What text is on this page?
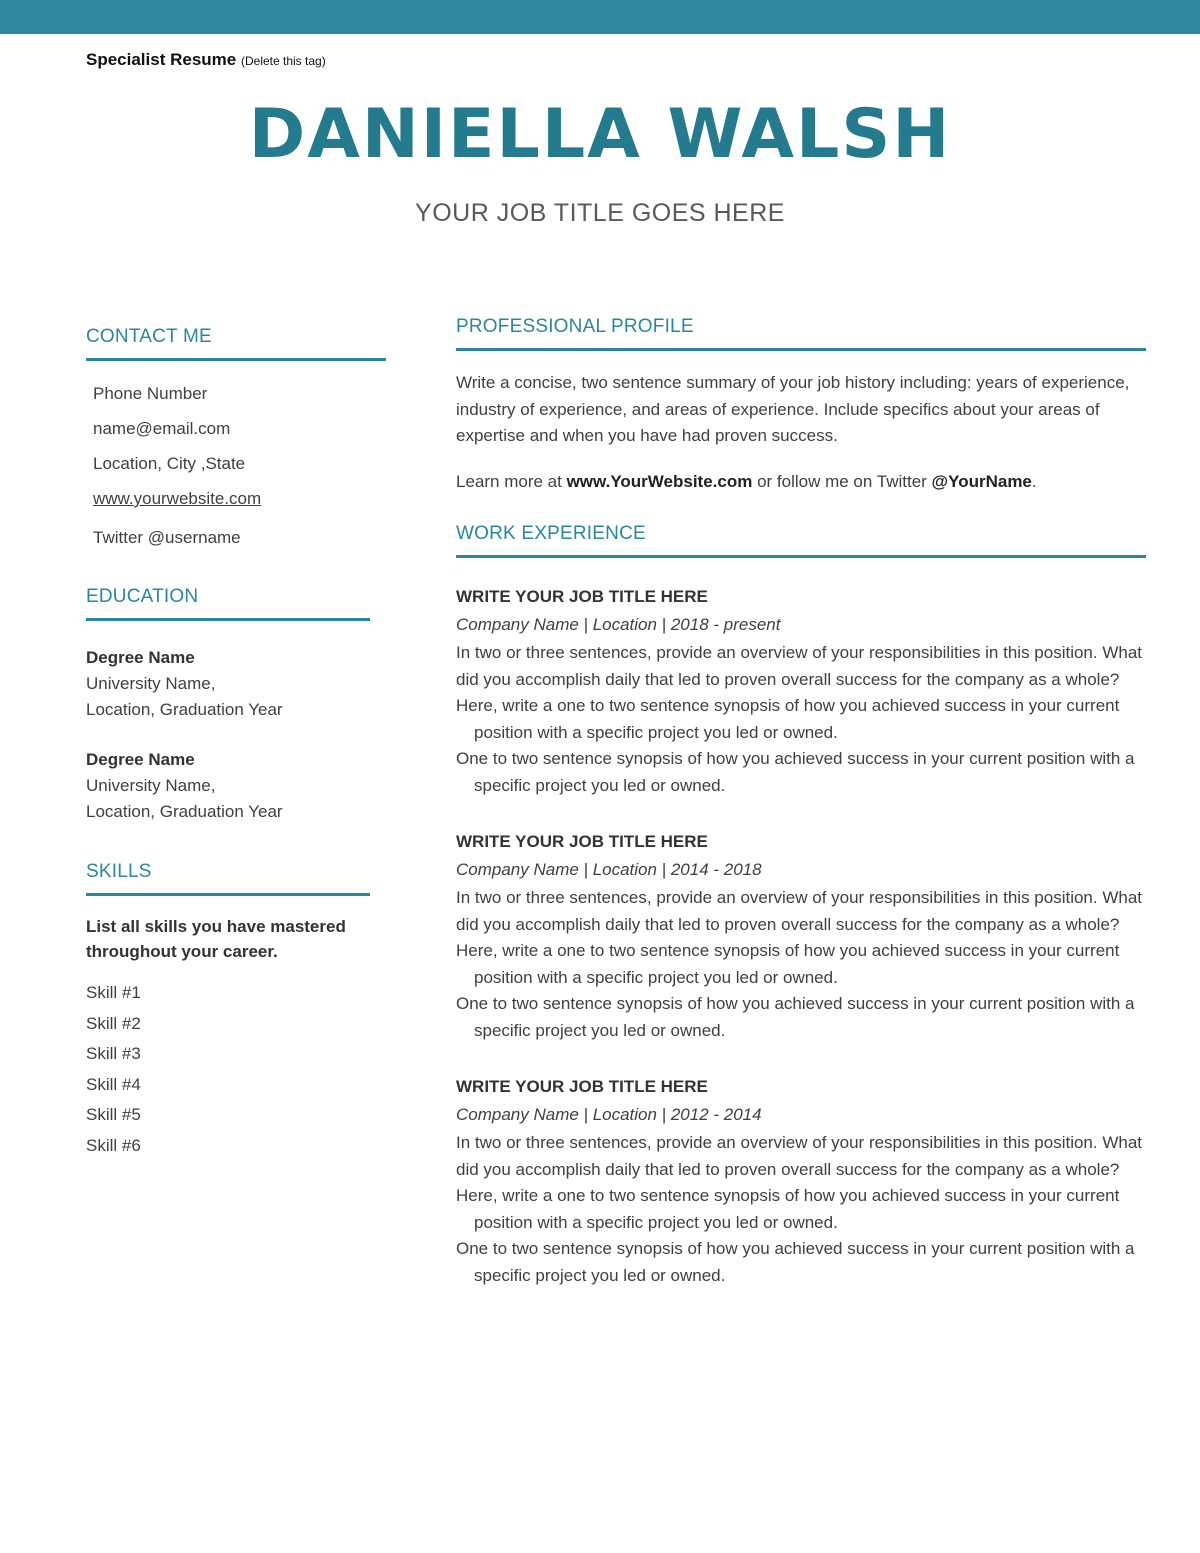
Specialist Resume (Delete this tag)
DANIELLA WALSH
YOUR JOB TITLE GOES HERE
CONTACT ME
Phone Number
name@email.com
Location, City ,State
www.yourwebsite.com
Twitter @username
EDUCATION
Degree Name
University Name,
Location, Graduation Year
Degree Name
University Name,
Location, Graduation Year
SKILLS
List all skills you have mastered throughout your career.
Skill #1
Skill #2
Skill #3
Skill #4
Skill #5
Skill #6
PROFESSIONAL PROFILE
Write a concise, two sentence summary of your job history including: years of experience, industry of experience, and areas of experience. Include specifics about your areas of expertise and when you have had proven success.
Learn more at www.YourWebsite.com or follow me on Twitter @YourName.
WORK EXPERIENCE
WRITE YOUR JOB TITLE HERE
Company Name | Location | 2018 - present
In two or three sentences, provide an overview of your responsibilities in this position. What did you accomplish daily that led to proven overall success for the company as a whole?
Here, write a one to two sentence synopsis of how you achieved success in your current position with a specific project you led or owned.
One to two sentence synopsis of how you achieved success in your current position with a specific project you led or owned.
WRITE YOUR JOB TITLE HERE
Company Name | Location | 2014 - 2018
In two or three sentences, provide an overview of your responsibilities in this position. What did you accomplish daily that led to proven overall success for the company as a whole?
Here, write a one to two sentence synopsis of how you achieved success in your current position with a specific project you led or owned.
One to two sentence synopsis of how you achieved success in your current position with a specific project you led or owned.
WRITE YOUR JOB TITLE HERE
Company Name | Location | 2012 - 2014
In two or three sentences, provide an overview of your responsibilities in this position. What did you accomplish daily that led to proven overall success for the company as a whole?
Here, write a one to two sentence synopsis of how you achieved success in your current position with a specific project you led or owned.
One to two sentence synopsis of how you achieved success in your current position with a specific project you led or owned.
